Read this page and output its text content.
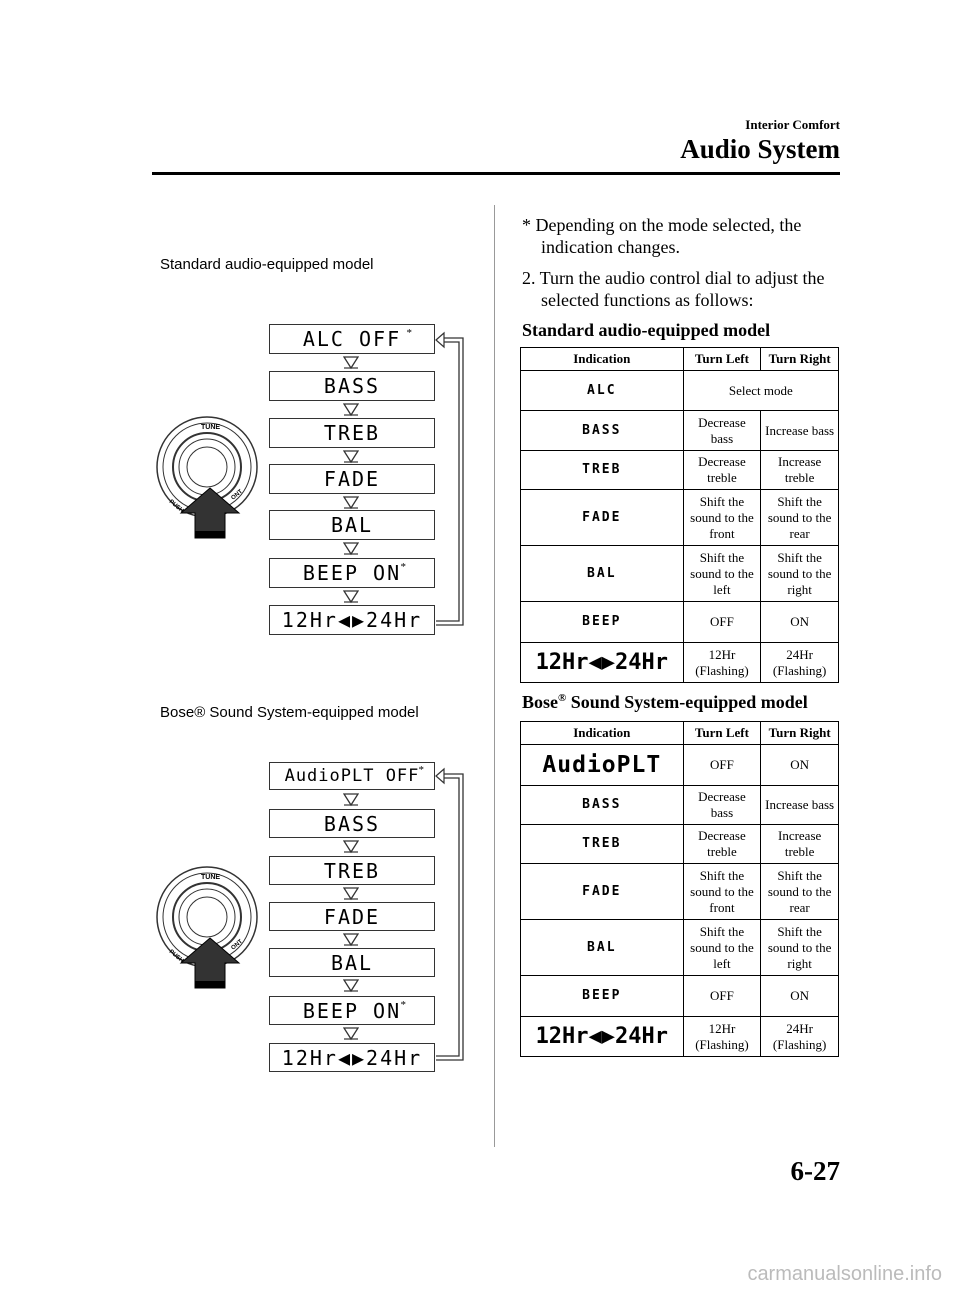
Interior Comfort
Audio System
Standard audio-equipped model
TUNE
PUSH
ONT
ALC OFF *
BASS
TREB
FADE
BAL
BEEP ON *
12Hr◀▶24Hr
Bose® Sound System-equipped model
TUNE
PUSH
ONT
AudioPLT OFF *
BASS
TREB
FADE
BAL
BEEP ON *
12Hr◀▶24Hr
* Depending on the mode selected, the indication changes.
2. Turn the audio control dial to adjust the selected functions as follows:
Standard audio-equipped model
Indication	Turn Left	Turn Right
ALC	Select mode	
BASS	Decrease bass	Increase bass
TREB	Decrease treble	Increase treble
FADE	Shift the sound to the front	Shift the sound to the rear
BAL	Shift the sound to the left	Shift the sound to the right
BEEP	OFF	ON
12Hr◀▶24Hr	12Hr (Flashing)	24Hr (Flashing)
Bose® Sound System-equipped model
Indication	Turn Left	Turn Right
AudioPLT	OFF	ON
BASS	Decrease bass	Increase bass
TREB	Decrease treble	Increase treble
FADE	Shift the sound to the front	Shift the sound to the rear
BAL	Shift the sound to the left	Shift the sound to the right
BEEP	OFF	ON
12Hr◀▶24Hr	12Hr (Flashing)	24Hr (Flashing)
6-27
carmanualsonline.info
